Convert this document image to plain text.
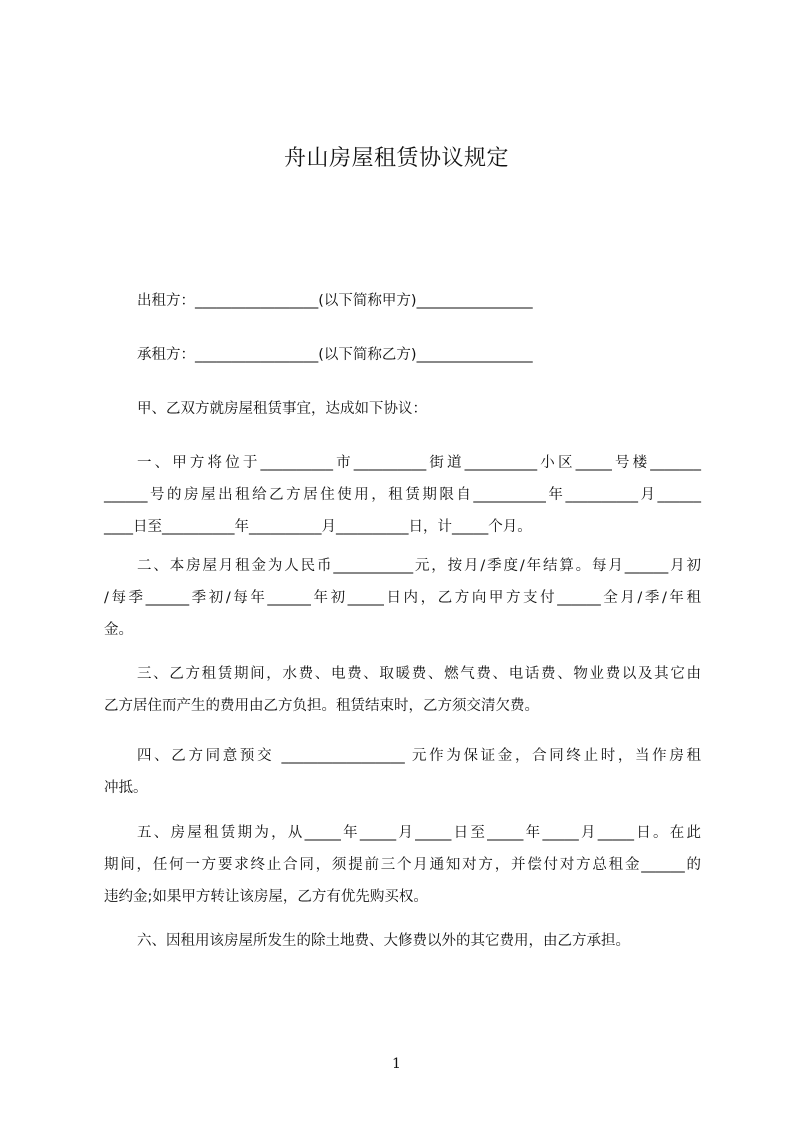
舟山房屋租赁协议规定
出租方：_________________(以下简称甲方)________________
承租方：_________________(以下简称乙方)________________
甲、乙双方就房屋租赁事宜，达成如下协议：
一、甲方将位于__________市__________街道__________小区_____号楼_______
______号的房屋出租给乙方居住使用，租赁期限自__________年__________月______
____日至__________年__________月__________日，计_____个月。
二、本房屋月租金为人民币___________元，按月/季度/年结算。每月______月初
/每季______季初/每年______年初_____日内，乙方向甲方支付______全月/季/年租
金。
三、乙方租赁期间，水费、电费、取暖费、燃气费、电话费、物业费以及其它由
乙方居住而产生的费用由乙方负担。租赁结束时，乙方须交清欠费。
四、乙方同意预交 _________________ 元作为保证金，合同终止时，当作房租
冲抵。
五、房屋租赁期为，从_____年_____月_____日至_____年_____月_____日。在此
期间，任何一方要求终止合同，须提前三个月通知对方，并偿付对方总租金______的
违约金;如果甲方转让该房屋，乙方有优先购买权。
六、因租用该房屋所发生的除土地费、大修费以外的其它费用，由乙方承担。
1
